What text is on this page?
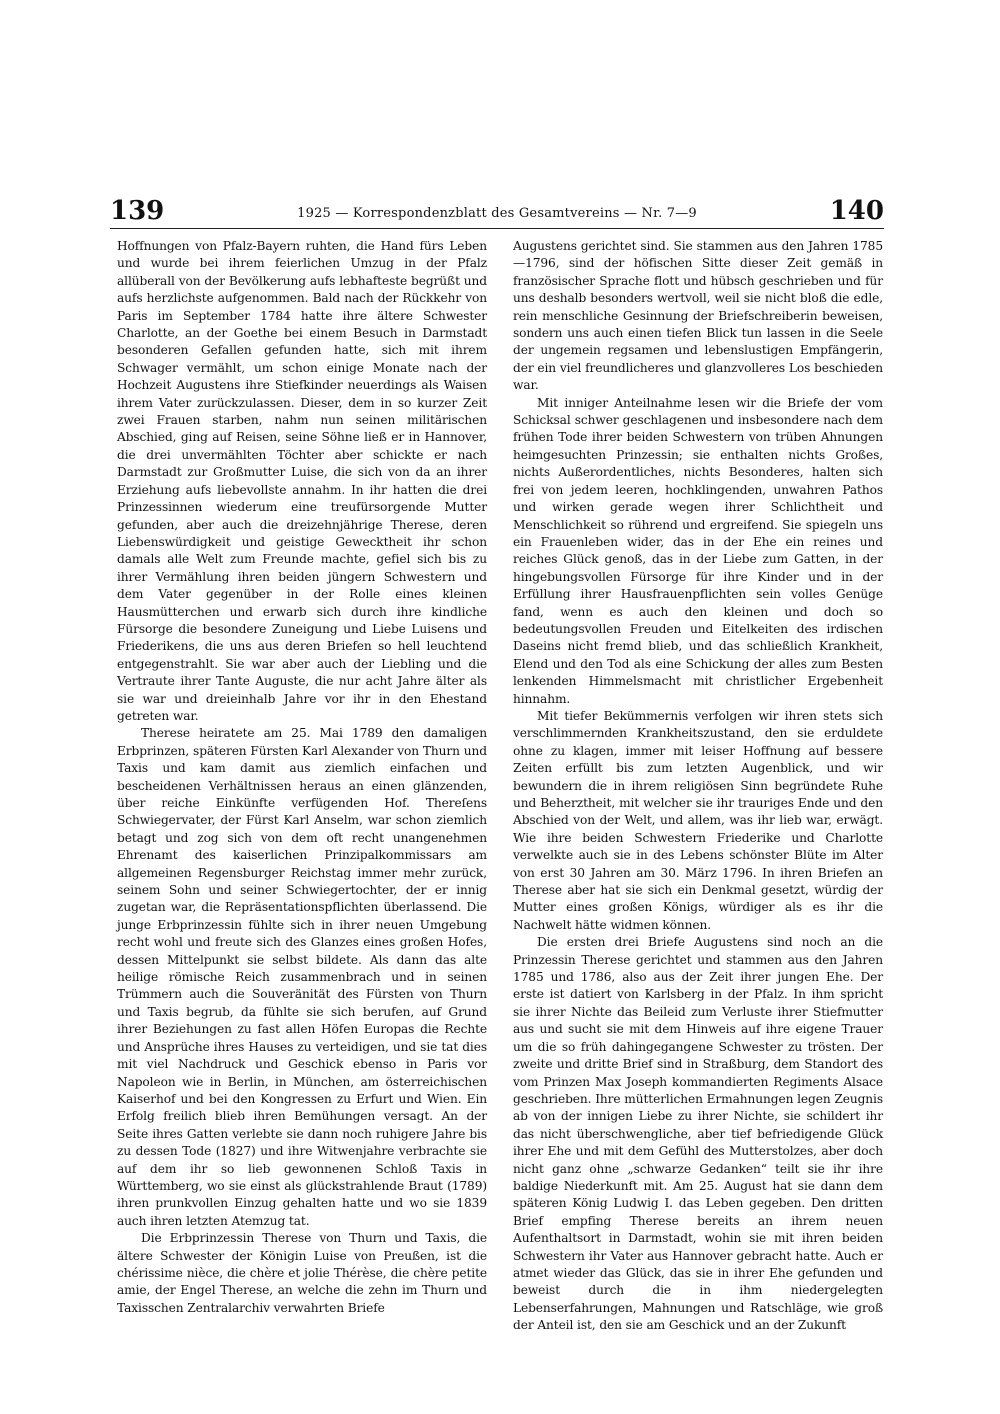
139	1925 — Korrespondenzblatt des Gesamtvereins — Nr. 7—9	140

Hoffnungen von Pfalz-Bayern ruhten, die Hand fürs Leben und wurde bei ihrem feierlichen Umzug in der Pfalz allüberall von der Bevölkerung aufs lebhafteste begrüßt und aufs herzlichste aufgenommen. Bald nach der Rückkehr von Paris im September 1784 hatte ihre ältere Schwester Charlotte, an der Goethe bei einem Besuch in Darmstadt besonderen Gefallen gefunden hatte, sich mit ihrem Schwager vermählt, um schon einige Monate nach der Hochzeit Augustens ihre Stiefkinder neuerdings als Waisen ihrem Vater zurückzulassen. Dieser, dem in so kurzer Zeit zwei Frauen starben, nahm nun seinen militärischen Abschied, ging auf Reisen, seine Söhne ließ er in Hannover, die drei unvermählten Töchter aber schickte er nach Darmstadt zur Großmutter Luise, die sich von da an ihrer Erziehung aufs liebevollste annahm. In ihr hatten die drei Prinzessinnen wiederum eine treufürsorgende Mutter gefunden, aber auch die dreizehnjährige Therese, deren Liebenswürdigkeit und geistige Gewecktheit ihr schon damals alle Welt zum Freunde machte, gefiel sich bis zu ihrer Vermählung ihren beiden jüngern Schwestern und dem Vater gegenüber in der Rolle eines kleinen Hausmütterchen und erwarb sich durch ihre kindliche Fürsorge die besondere Zuneigung und Liebe Luisens und Friederikens, die uns aus deren Briefen so hell leuchtend entgegenstrahlt. Sie war aber auch der Liebling und die Vertraute ihrer Tante Auguste, die nur acht Jahre älter als sie war und dreieinhalb Jahre vor ihr in den Ehestand getreten war.

Therese heiratete am 25. Mai 1789 den damaligen Erbprinzen, späteren Fürsten Karl Alexander von Thurn und Taxis und kam damit aus ziemlich einfachen und bescheidenen Verhältnissen heraus an einen glänzenden, über reiche Einkünfte verfügenden Hof. Thereſens Schwiegervater, der Fürst Karl Anselm, war schon ziemlich betagt und zog sich von dem oft recht unangenehmen Ehrenamt des kaiserlichen Prinzipalkommissars am allgemeinen Regensburger Reichstag immer mehr zurück, seinem Sohn und seiner Schwiegertochter, der er innig zugetan war, die Repräsentationspflichten überlassend. Die junge Erbprinzessin fühlte sich in ihrer neuen Umgebung recht wohl und freute sich des Glanzes eines großen Hofes, dessen Mittelpunkt sie selbst bildete. Als dann das alte heilige römische Reich zusammenbrach und in seinen Trümmern auch die Souveränität des Fürsten von Thurn und Taxis begrub, da fühlte sie sich berufen, auf Grund ihrer Beziehungen zu fast allen Höfen Europas die Rechte und Ansprüche ihres Hauses zu verteidigen, und sie tat dies mit viel Nachdruck und Geschick ebenso in Paris vor Napoleon wie in Berlin, in München, am österreichischen Kaiserhof und bei den Kongressen zu Erfurt und Wien. Ein Erfolg freilich blieb ihren Bemühungen versagt. An der Seite ihres Gatten verlebte sie dann noch ruhigere Jahre bis zu dessen Tode (1827) und ihre Witwenjahre verbrachte sie auf dem ihr so lieb gewonnenen Schloß Taxis in Württemberg, wo sie einst als glückstrahlende Braut (1789) ihren prunkvollen Einzug gehalten hatte und wo sie 1839 auch ihren letzten Atemzug tat.

Die Erbprinzessin Therese von Thurn und Taxis, die ältere Schwester der Königin Luise von Preußen, ist die chérissime nièce, die chère et jolie Thérèse, die chère petite amie, der Engel Therese, an welche die zehn im Thurn und Taxisschen Zentralarchiv verwahrten Briefe

Augustens gerichtet sind. Sie stammen aus den Jahren 1785—1796, sind der höfischen Sitte dieser Zeit gemäß in französischer Sprache flott und hübsch geschrieben und für uns deshalb besonders wertvoll, weil sie nicht bloß die edle, rein menschliche Gesinnung der Briefschreiberin beweisen, sondern uns auch einen tiefen Blick tun lassen in die Seele der ungemein regsamen und lebenslustigen Empfängerin, der ein viel freundlicheres und glanzvolleres Los beschieden war.

Mit inniger Anteilnahme lesen wir die Briefe der vom Schicksal schwer geschlagenen und insbesondere nach dem frühen Tode ihrer beiden Schwestern von trüben Ahnungen heimgesuchten Prinzessin; sie enthalten nichts Großes, nichts Außerordentliches, nichts Besonderes, halten sich frei von jedem leeren, hochklingenden, unwahren Pathos und wirken gerade wegen ihrer Schlichtheit und Menschlichkeit so rührend und ergreifend. Sie spiegeln uns ein Frauenleben wider, das in der Ehe ein reines und reiches Glück genoß, das in der Liebe zum Gatten, in der hingebungsvollen Fürsorge für ihre Kinder und in der Erfüllung ihrer Hausfrauenpflichten sein volles Genüge fand, wenn es auch den kleinen und doch so bedeutungsvollen Freuden und Eitelkeiten des irdischen Daseins nicht fremd blieb, und das schließlich Krankheit, Elend und den Tod als eine Schickung der alles zum Besten lenkenden Himmelsmacht mit christlicher Ergebenheit hinnahm.

Mit tiefer Bekümmernis verfolgen wir ihren stets sich verschlimmernden Krankheitszustand, den sie erduldete ohne zu klagen, immer mit leiser Hoffnung auf bessere Zeiten erfüllt bis zum letzten Augenblick, und wir bewundern die in ihrem religiösen Sinn begründete Ruhe und Beherztheit, mit welcher sie ihr trauriges Ende und den Abschied von der Welt, und allem, was ihr lieb war, erwägt. Wie ihre beiden Schwestern Friederike und Charlotte verwelkte auch sie in des Lebens schönster Blüte im Alter von erst 30 Jahren am 30. März 1796. In ihren Briefen an Therese aber hat sie sich ein Denkmal gesetzt, würdig der Mutter eines großen Königs, würdiger als es ihr die Nachwelt hätte widmen können.

Die ersten drei Briefe Augustens sind noch an die Prinzessin Therese gerichtet und stammen aus den Jahren 1785 und 1786, also aus der Zeit ihrer jungen Ehe. Der erste ist datiert von Karlsberg in der Pfalz. In ihm spricht sie ihrer Nichte das Beileid zum Verluste ihrer Stiefmutter aus und sucht sie mit dem Hinweis auf ihre eigene Trauer um die so früh dahingegangene Schwester zu trösten. Der zweite und dritte Brief sind in Straßburg, dem Standort des vom Prinzen Max Joseph kommandierten Regiments Alsace geschrieben. Ihre mütterlichen Ermahnungen legen Zeugnis ab von der innigen Liebe zu ihrer Nichte, sie schildert ihr das nicht überschwengliche, aber tief befriedigende Glück ihrer Ehe und mit dem Gefühl des Mutterstolzes, aber doch nicht ganz ohne „schwarze Gedanken“ teilt sie ihr ihre baldige Niederkunft mit. Am 25. August hat sie dann dem späteren König Ludwig I. das Leben gegeben. Den dritten Brief empfing Therese bereits an ihrem neuen Aufenthaltsort in Darmstadt, wohin sie mit ihren beiden Schwestern ihr Vater aus Hannover gebracht hatte. Auch er atmet wieder das Glück, das sie in ihrer Ehe gefunden und beweist durch die in ihm niedergelegten Lebenserfahrungen, Mahnungen und Ratschläge, wie groß der Anteil ist, den sie am Geschick und an der Zukunft
